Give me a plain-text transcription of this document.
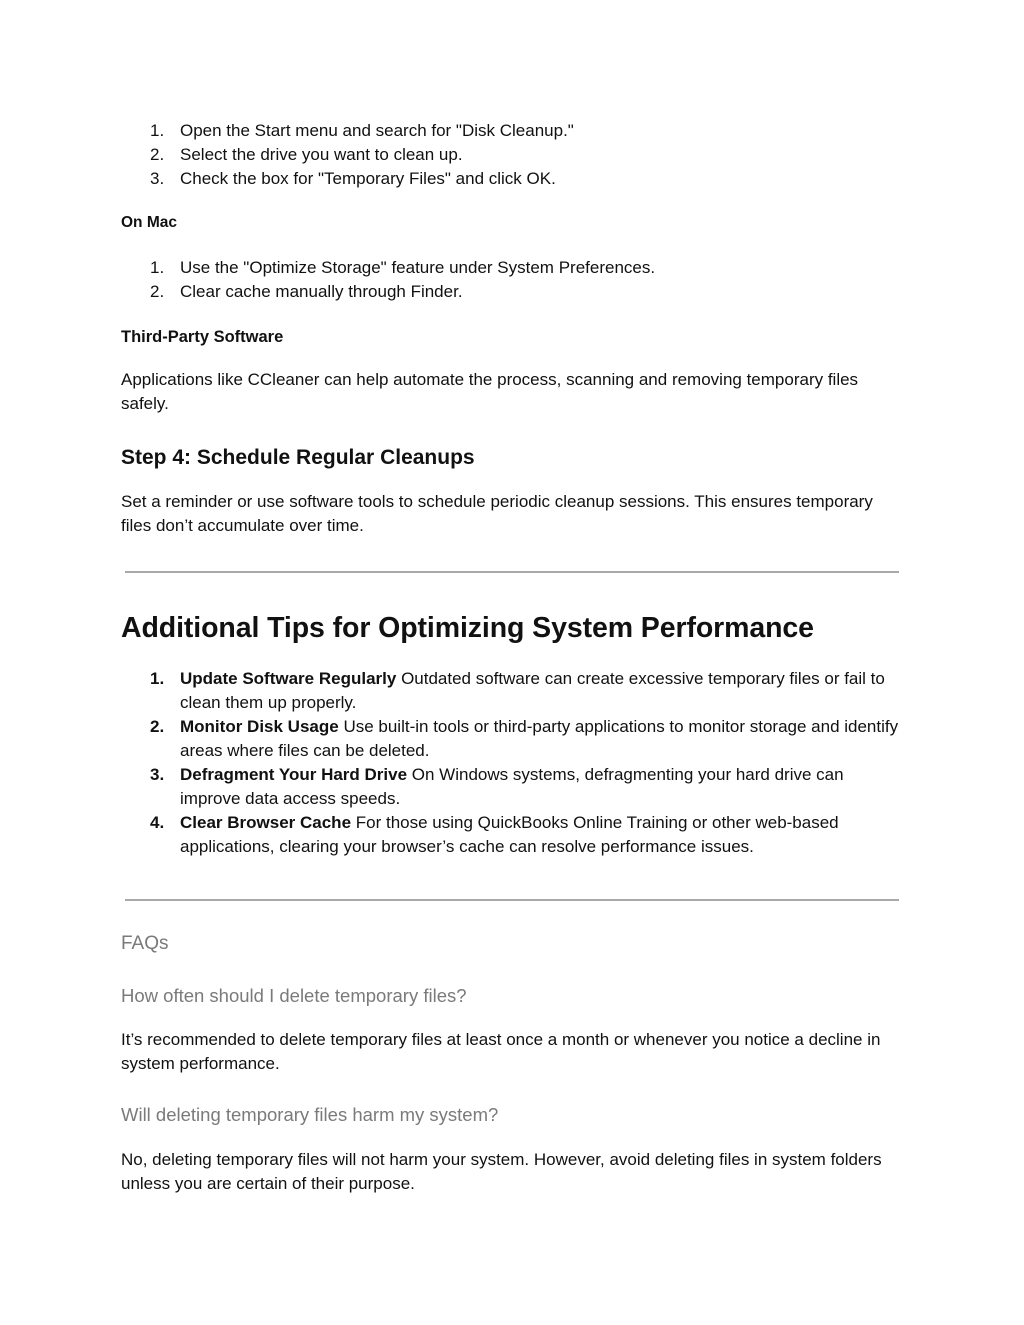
1. Open the Start menu and search for "Disk Cleanup."
2. Select the drive you want to clean up.
3. Check the box for "Temporary Files" and click OK.
On Mac
1. Use the "Optimize Storage" feature under System Preferences.
2. Clear cache manually through Finder.
Third-Party Software
Applications like CCleaner can help automate the process, scanning and removing temporary files safely.
Step 4: Schedule Regular Cleanups
Set a reminder or use software tools to schedule periodic cleanup sessions. This ensures temporary files don’t accumulate over time.
Additional Tips for Optimizing System Performance
1. Update Software Regularly Outdated software can create excessive temporary files or fail to clean them up properly.
2. Monitor Disk Usage Use built-in tools or third-party applications to monitor storage and identify areas where files can be deleted.
3. Defragment Your Hard Drive On Windows systems, defragmenting your hard drive can improve data access speeds.
4. Clear Browser Cache For those using QuickBooks Online Training or other web-based applications, clearing your browser’s cache can resolve performance issues.
FAQs
How often should I delete temporary files?
It’s recommended to delete temporary files at least once a month or whenever you notice a decline in system performance.
Will deleting temporary files harm my system?
No, deleting temporary files will not harm your system. However, avoid deleting files in system folders unless you are certain of their purpose.
